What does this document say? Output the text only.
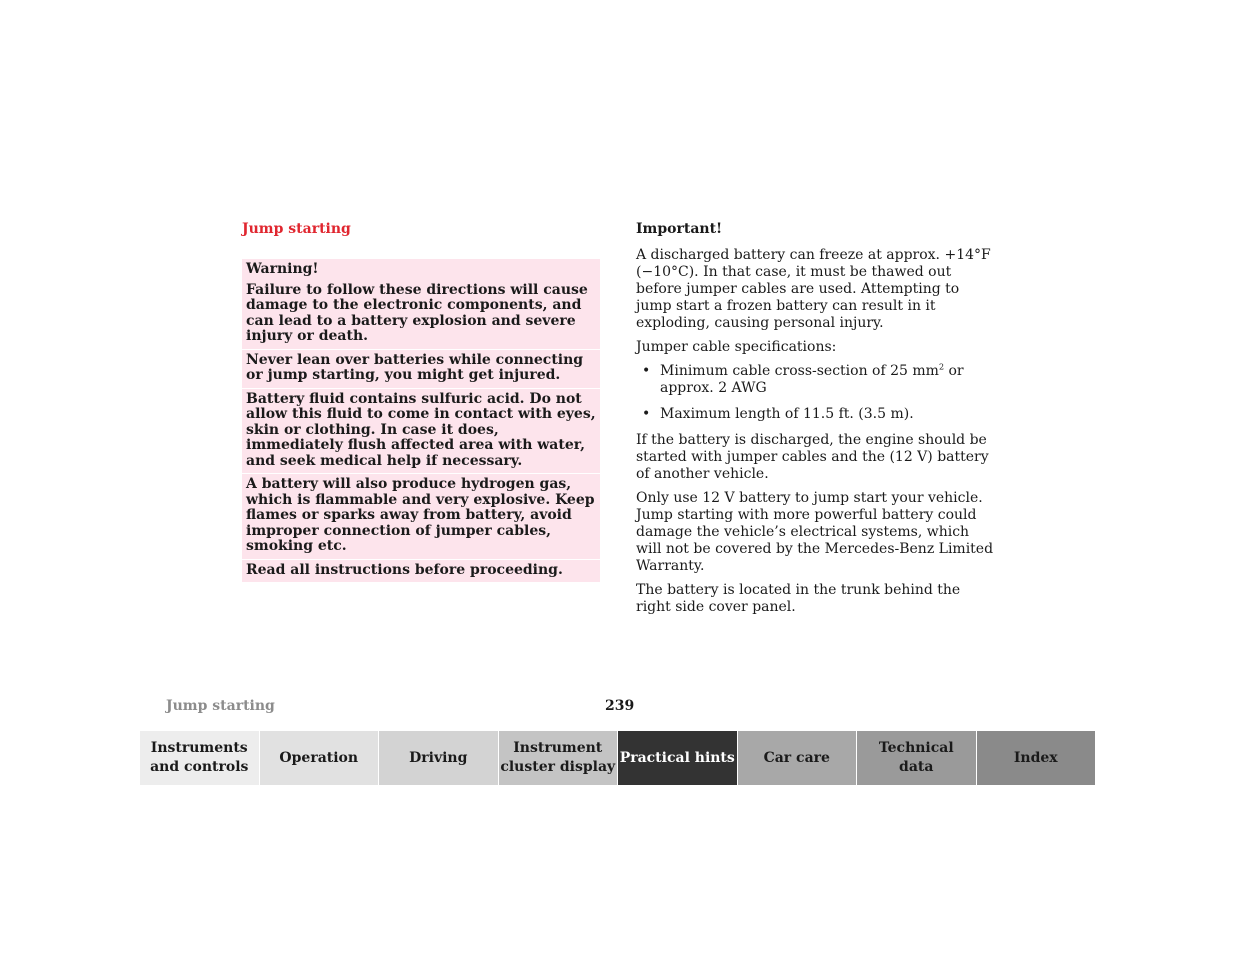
Jump starting
Warning!
Failure to follow these directions will cause damage to the electronic components, and can lead to a battery explosion and severe injury or death.
Never lean over batteries while connecting or jump starting, you might get injured.
Battery fluid contains sulfuric acid. Do not allow this fluid to come in contact with eyes, skin or clothing. In case it does, immediately flush affected area with water, and seek medical help if necessary.
A battery will also produce hydrogen gas, which is flammable and very explosive. Keep flames or sparks away from battery, avoid improper connection of jumper cables, smoking etc.
Read all instructions before proceeding.
Important!

A discharged battery can freeze at approx. +14°F (−10°C). In that case, it must be thawed out before jumper cables are used. Attempting to jump start a frozen battery can result in it exploding, causing personal injury.

Jumper cable specifications:

• Minimum cable cross-section of 25 $mm^2$ or approx. 2 AWG
• Maximum length of 11.5 ft. (3.5 m).

If the battery is discharged, the engine should be started with jumper cables and the (12 V) battery of another vehicle.

Only use 12 V battery to jump start your vehicle. Jump starting with more powerful battery could damage the vehicle’s electrical systems, which will not be covered by the Mercedes-Benz Limited Warranty.

The battery is located in the trunk behind the right side cover panel.

Jump starting	239
Instruments
and controls
Operation	Driving
Instrument
cluster display
Practical hints	Car care
Technical
data
Index
